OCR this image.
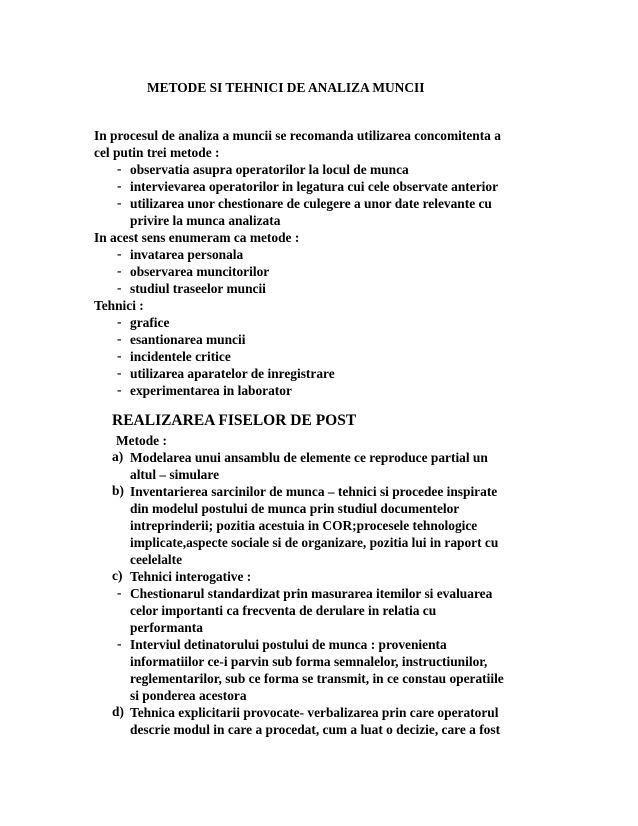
METODE SI TEHNICI DE ANALIZA MUNCII
In procesul de analiza a muncii se recomanda utilizarea concomitenta a
cel putin trei metode :
- observatia asupra operatorilor la locul de munca
- intervievarea operatorilor in legatura cui cele observate anterior
- utilizarea unor chestionare de culegere a unor date relevante cu
privire la munca analizata
In acest sens enumeram ca metode :
- invatarea personala
- observarea muncitorilor
- studiul traseelor muncii
Tehnici :
- grafice
- esantionarea muncii
- incidentele critice
- utilizarea aparatelor de inregistrare
- experimentarea in laborator
REALIZAREA FISELOR DE POST
Metode :
a) Modelarea unui ansamblu de elemente ce reproduce partial un
altul – simulare
b) Inventarierea sarcinilor de munca – tehnici si procedee inspirate
din modelul postului de munca prin studiul documentelor
intreprinderii; pozitia acestuia in COR;procesele tehnologice
implicate,aspecte sociale si de organizare, pozitia lui in raport cu
ceelelalte
c) Tehnici interogative :
- Chestionarul standardizat prin masurarea itemilor si evaluarea
celor importanti ca frecventa de derulare in relatia cu
performanta
- Interviul detinatorului postului de munca : provenienta
informatiilor ce-i parvin sub forma semnalelor, instructiunilor,
reglementarilor, sub ce forma se transmit, in ce constau operatiile
si ponderea acestora
d) Tehnica explicitarii provocate- verbalizarea prin care operatorul
descrie modul in care a procedat, cum a luat o decizie, care a fost
